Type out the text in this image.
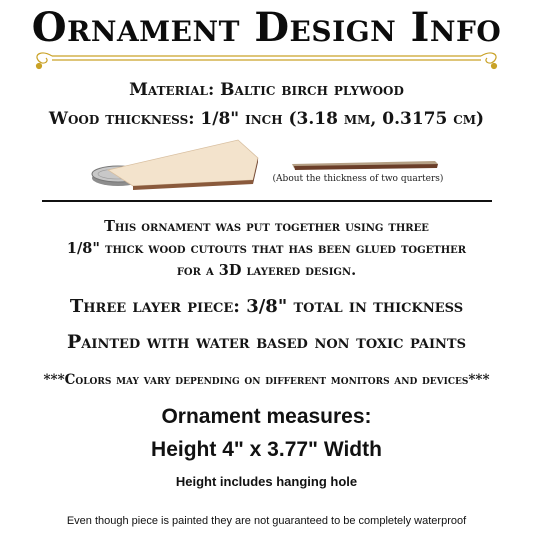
Ornament Design Info
Material: Baltic birch plywood
Wood thickness: 1/8" inch (3.18 mm, 0.3175 cm)
(About the thickness of two quarters)
This ornament was put together using three
1/8" thick wood cutouts that has been glued together
for a 3D layered design.
Three layer piece: 3/8" total in thickness
Painted with water based non toxic paints
***Colors may vary depending on different monitors and devices***
Ornament measures:
Height 4" x 3.77" Width
Height includes hanging hole
Even though piece is painted they are not guaranteed to be completely waterproof
